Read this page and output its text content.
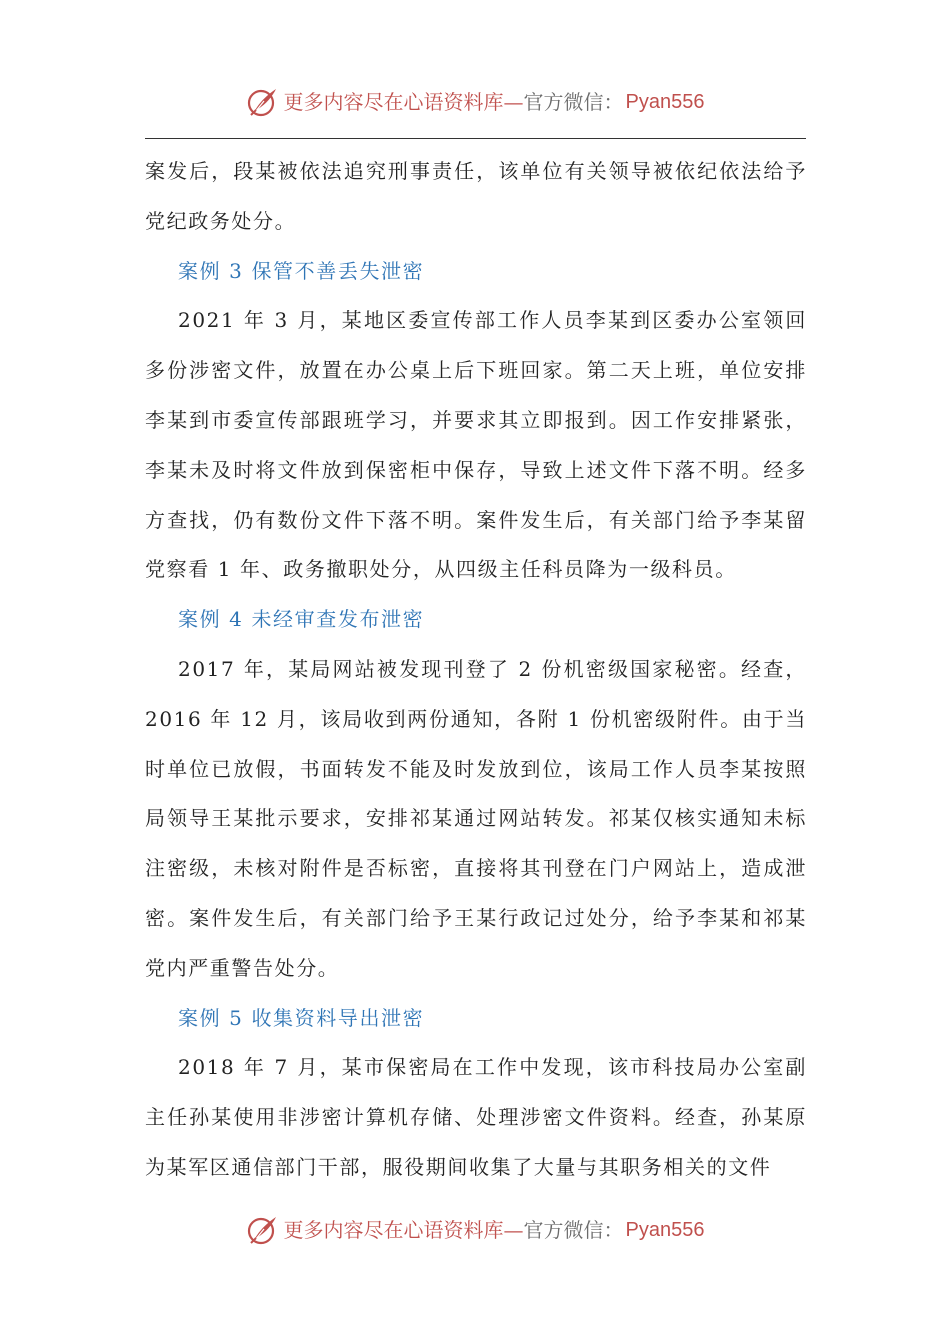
更多内容尽在心语资料库 — 官方微信： Pyan556

案发后，段某被依法追究刑事责任，该单位有关领导被依纪依法给予党纪政务处分。

案例 3 保管不善丢失泄密

2021 年 3 月，某地区委宣传部工作人员李某到区委办公室领回多份涉密文件，放置在办公桌上后下班回家。第二天上班，单位安排李某到市委宣传部跟班学习，并要求其立即报到。因工作安排紧张，李某未及时将文件放到保密柜中保存，导致上述文件下落不明。经多方查找，仍有数份文件下落不明。案件发生后，有关部门给予李某留党察看 1 年、政务撤职处分，从四级主任科员降为一级科员。

案例 4 未经审查发布泄密

2017 年，某局网站被发现刊登了 2 份机密级国家秘密。经查，2016 年 12 月，该局收到两份通知，各附 1 份机密级附件。由于当时单位已放假，书面转发不能及时发放到位，该局工作人员李某按照局领导王某批示要求，安排祁某通过网站转发。祁某仅核实通知未标注密级，未核对附件是否标密，直接将其刊登在门户网站上，造成泄密。案件发生后，有关部门给予王某行政记过处分，给予李某和祁某党内严重警告处分。

案例 5 收集资料导出泄密

2018 年 7 月，某市保密局在工作中发现，该市科技局办公室副主任孙某使用非涉密计算机存储、处理涉密文件资料。经查，孙某原为某军区通信部门干部，服役期间收集了大量与其职务相关的文件

更多内容尽在心语资料库 — 官方微信： Pyan556
